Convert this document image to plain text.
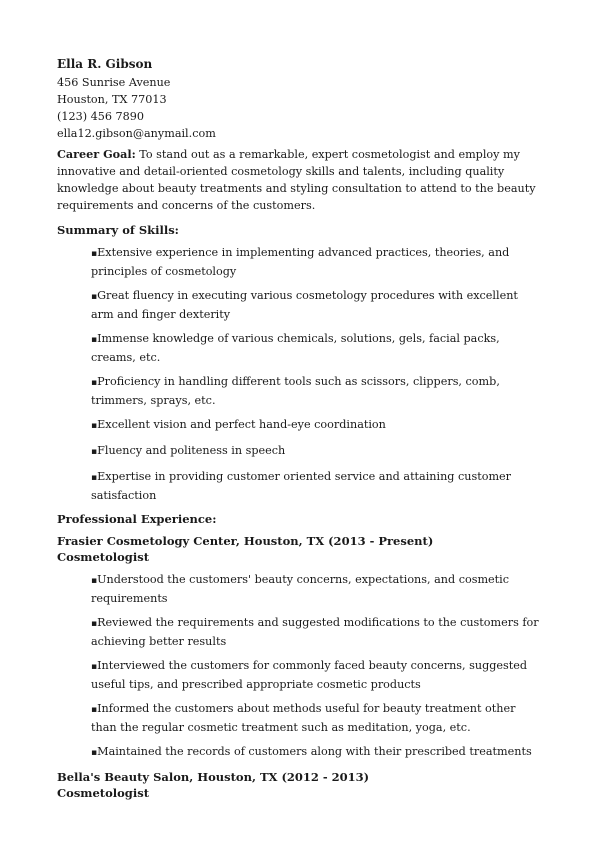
Ella R. Gibson
456 Sunrise Avenue
Houston, TX 77013
(123) 456 7890
ella12.gibson@anymail.com
Career Goal: To stand out as a remarkable, expert cosmetologist and employ my innovative and detail-oriented cosmetology skills and talents, including quality knowledge about beauty treatments and styling consultation to attend to the beauty requirements and concerns of the customers.
Summary of Skills:
▪Extensive experience in implementing advanced practices, theories, and principles of cosmetology
▪Great fluency in executing various cosmetology procedures with excellent arm and finger dexterity
▪Immense knowledge of various chemicals, solutions, gels, facial packs, creams, etc.
▪Proficiency in handling different tools such as scissors, clippers, comb, trimmers, sprays, etc.
▪Excellent vision and perfect hand-eye coordination
▪Fluency and politeness in speech
▪Expertise in providing customer oriented service and attaining customer satisfaction
Professional Experience:
Frasier Cosmetology Center, Houston, TX (2013 - Present)
Cosmetologist
▪Understood the customers' beauty concerns, expectations, and cosmetic requirements
▪Reviewed the requirements and suggested modifications to the customers for achieving better results
▪Interviewed the customers for commonly faced beauty concerns, suggested useful tips, and prescribed appropriate cosmetic products
▪Informed the customers about methods useful for beauty treatment other than the regular cosmetic treatment such as meditation, yoga, etc.
▪Maintained the records of customers along with their prescribed treatments
Bella's Beauty Salon, Houston, TX (2012 - 2013)
Cosmetologist
